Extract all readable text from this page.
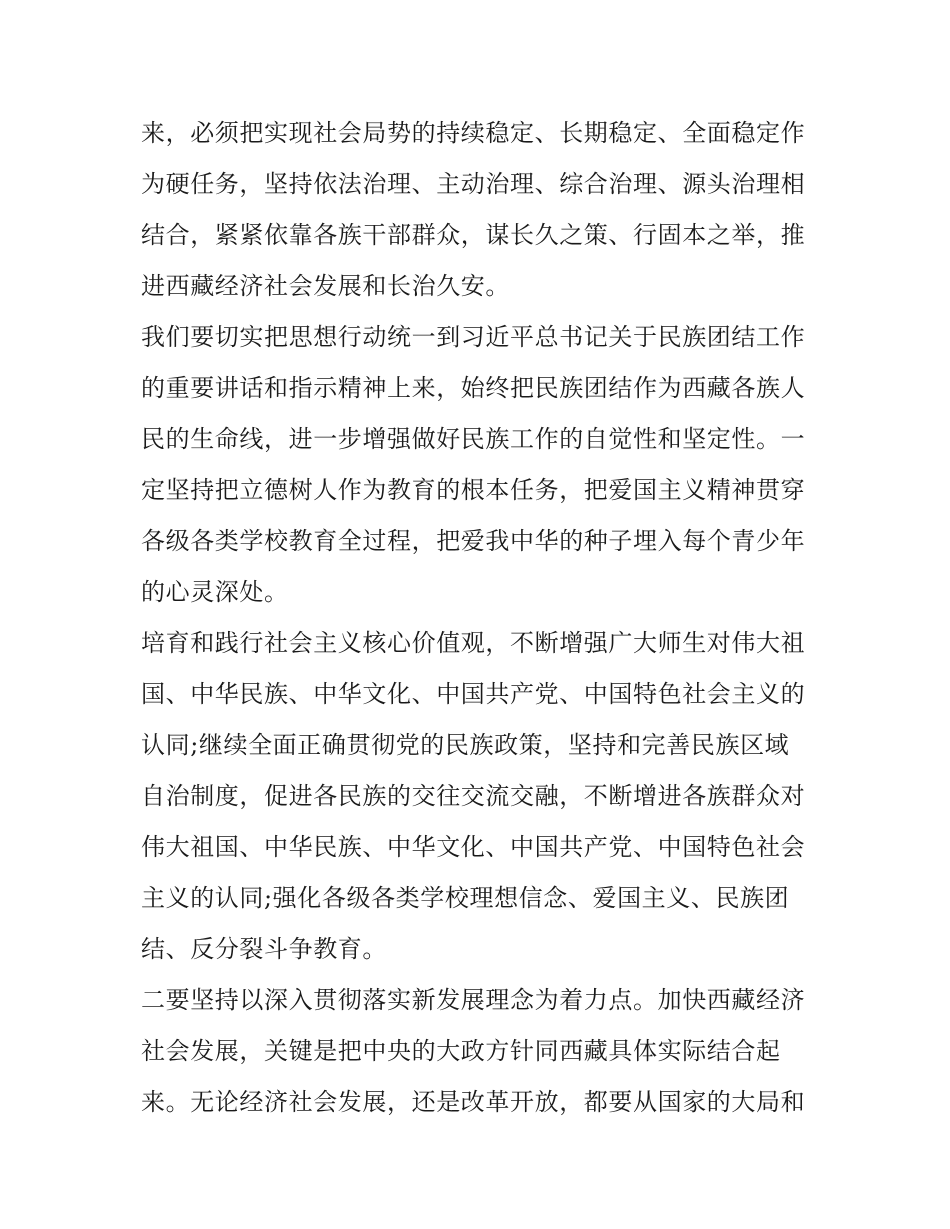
来，必须把实现社会局势的持续稳定、长期稳定、全面稳定作
为硬任务，坚持依法治理、主动治理、综合治理、源头治理相
结合，紧紧依靠各族干部群众，谋长久之策、行固本之举，推
进西藏经济社会发展和长治久安。
我们要切实把思想行动统一到习近平总书记关于民族团结工作
的重要讲话和指示精神上来，始终把民族团结作为西藏各族人
民的生命线，进一步增强做好民族工作的自觉性和坚定性。一
定坚持把立德树人作为教育的根本任务，把爱国主义精神贯穿
各级各类学校教育全过程，把爱我中华的种子埋入每个青少年
的心灵深处。
培育和践行社会主义核心价值观，不断增强广大师生对伟大祖
国、中华民族、中华文化、中国共产党、中国特色社会主义的
认同;继续全面正确贯彻党的民族政策，坚持和完善民族区域
自治制度，促进各民族的交往交流交融，不断增进各族群众对
伟大祖国、中华民族、中华文化、中国共产党、中国特色社会
主义的认同;强化各级各类学校理想信念、爱国主义、民族团
结、反分裂斗争教育。
二要坚持以深入贯彻落实新发展理念为着力点。加快西藏经济
社会发展，关键是把中央的大政方针同西藏具体实际结合起
来。无论经济社会发展，还是改革开放，都要从国家的大局和
